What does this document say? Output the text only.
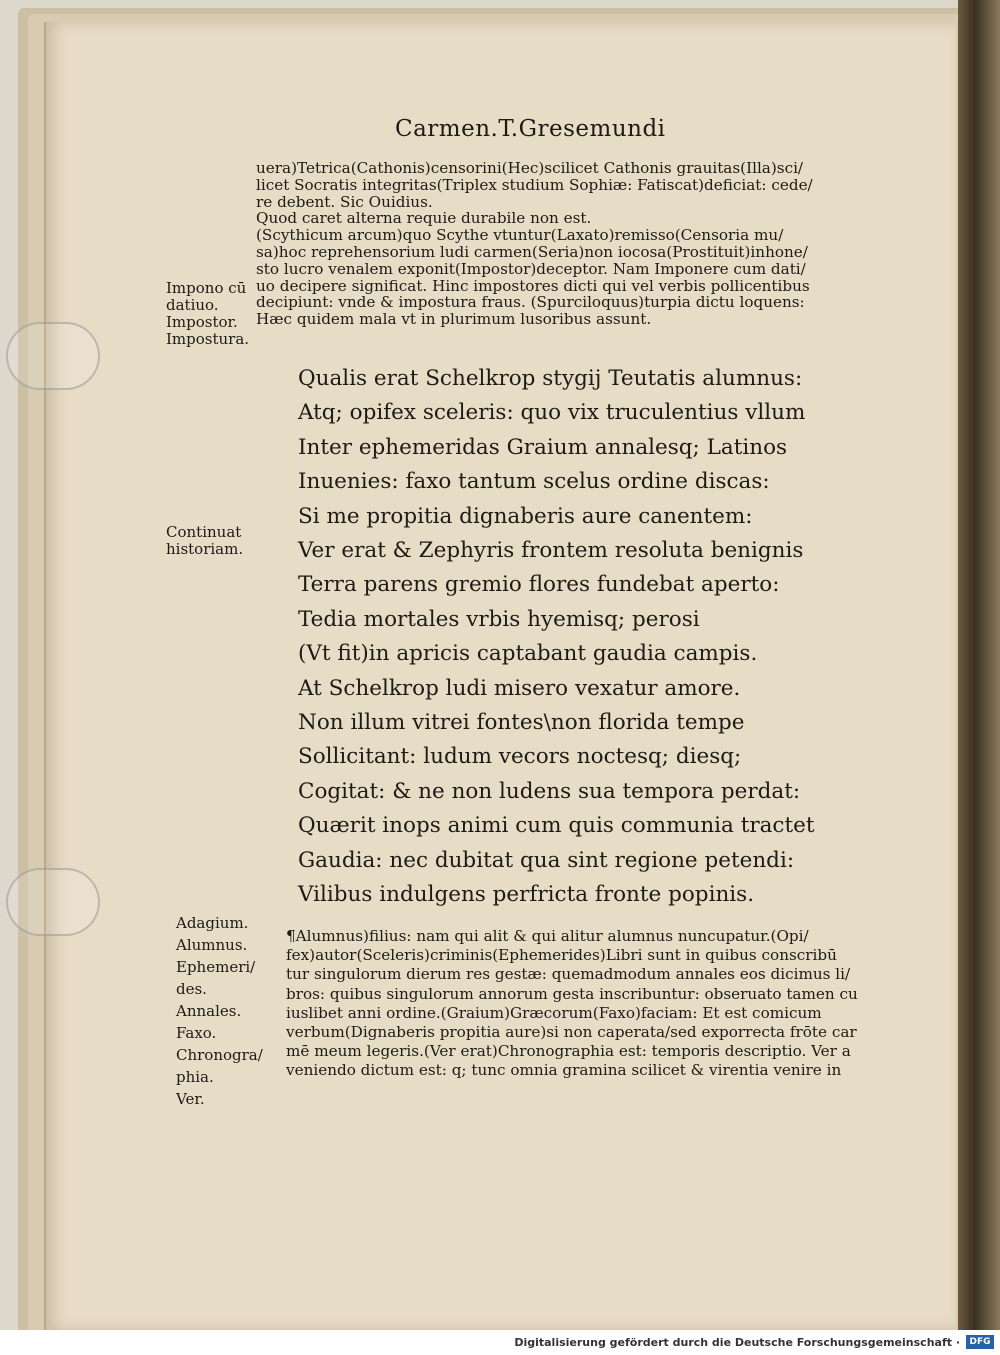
Carmen.T.Gresemundi
uera)Tetrica(Cathonis)censorini(Hec)scilicet Cathonis grauitas(Illa)sci/
licet Socratis integritas(Triplex studium Sophiæ: Fatiscat)deficiat: cede/
re debent. Sic Ouidius.
Quod caret alterna requie durabile non est.
(Scythicum arcum)quo Scythe vtuntur(Laxato)remisso(Censoria mu/
sa)hoc reprehensorium ludi carmen(Seria)non iocosa(Prostituit)inhone/
sto lucro venalem exponit(Impostor)deceptor. Nam Imponere cum dati/
uo decipere significat. Hinc impostores dicti qui vel verbis pollicentibus
decipiunt: vnde & impostura fraus. (Spurciloquus)turpia dictu loquens:
Hæc quidem mala vt in plurimum lusoribus assunt.
Impono cū
datiuo.
Impostor.
Impostura.
Continuat
historiam.
Qualis erat Schelkrop stygij Teutatis alumnus:
Atq; opifex sceleris: quo vix truculentius vllum
Inter ephemeridas Graium annalesq; Latinos
Inuenies: faxo tantum scelus ordine discas:
Si me propitia dignaberis aure canentem:
Ver erat & Zephyris frontem resoluta benignis
Terra parens gremio flores fundebat aperto:
Tedia mortales vrbis hyemisq; perosi
(Vt fit)in apricis captabant gaudia campis.
At Schelkrop ludi misero vexatur amore.
Non illum vitrei fontes\non florida tempe
Sollicitant: ludum vecors noctesq; diesq;
Cogitat: & ne non ludens sua tempora perdat:
Quærit inops animi cum quis communia tractet
Gaudia: nec dubitat qua sint regione petendi:
Vilibus indulgens perfricta fronte popinis.
Adagium.
Alumnus.
Ephemeri/
des.
Annales.
Faxo.
Chronogra/
phia.
Ver.
¶Alumnus)filius: nam qui alit & qui alitur alumnus nuncupatur.(Opi/
fex)autor(Sceleris)criminis(Ephemerides)Libri sunt in quibus conscribū
tur singulorum dierum res gestæ: quemadmodum annales eos dicimus li/
bros: quibus singulorum annorum gesta inscribuntur: obseruato tamen cu
iuslibet anni ordine.(Graium)Græcorum(Faxo)faciam: Et est comicum
verbum(Dignaberis propitia aure)si non caperata/sed exporrecta frōte car
mē meum legeris.(Ver erat)Chronographia est: temporis descriptio. Ver a
veniendo dictum est: q; tunc omnia gramina scilicet & virentia venire in
Digitalisierung gefördert durch die Deutsche Forschungsgemeinschaft ·	DFG
